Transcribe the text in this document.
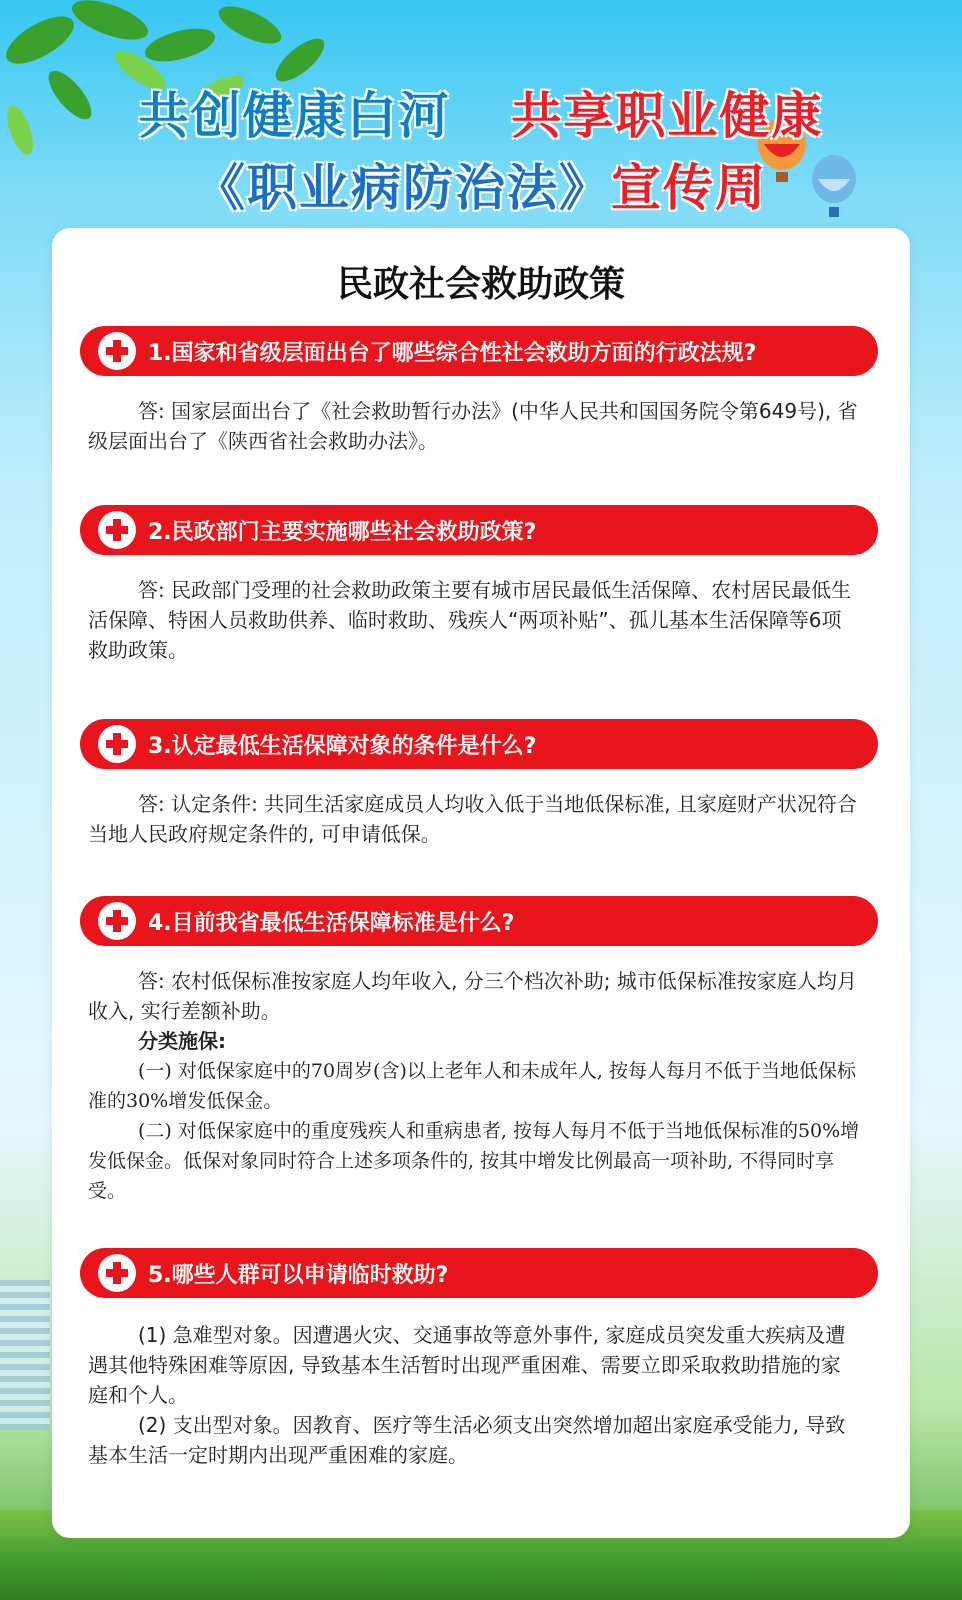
共创健康白河 共享职业健康
《职业病防治法》宣传周
民政社会救助政策
1.国家和省级层面出台了哪些综合性社会救助方面的行政法规?

答: 国家层面出台了《社会救助暂行办法》(中华人民共和国国务院令第649号), 省级层面出台了《陕西省社会救助办法》。

2.民政部门主要实施哪些社会救助政策?

答: 民政部门受理的社会救助政策主要有城市居民最低生活保障、农村居民最低生活保障、特困人员救助供养、临时救助、残疾人“两项补贴”、孤儿基本生活保障等6项救助政策。

3.认定最低生活保障对象的条件是什么?

答: 认定条件: 共同生活家庭成员人均收入低于当地低保标准, 且家庭财产状况符合当地人民政府规定条件的, 可申请低保。

4.目前我省最低生活保障标准是什么?

答: 农村低保标准按家庭人均年收入, 分三个档次补助; 城市低保标准按家庭人均月收入, 实行差额补助。

分类施保:

(一) 对低保家庭中的70周岁(含)以上老年人和未成年人, 按每人每月不低于当地低保标准的30%增发低保金。

(二) 对低保家庭中的重度残疾人和重病患者, 按每人每月不低于当地低保标准的50%增发低保金。低保对象同时符合上述多项条件的, 按其中增发比例最高一项补助, 不得同时享受。

5.哪些人群可以申请临时救助?

(1) 急难型对象。因遭遇火灾、交通事故等意外事件, 家庭成员突发重大疾病及遭遇其他特殊困难等原因, 导致基本生活暂时出现严重困难、需要立即采取救助措施的家庭和个人。

(2) 支出型对象。因教育、医疗等生活必须支出突然增加超出家庭承受能力, 导致基本生活一定时期内出现严重困难的家庭。
